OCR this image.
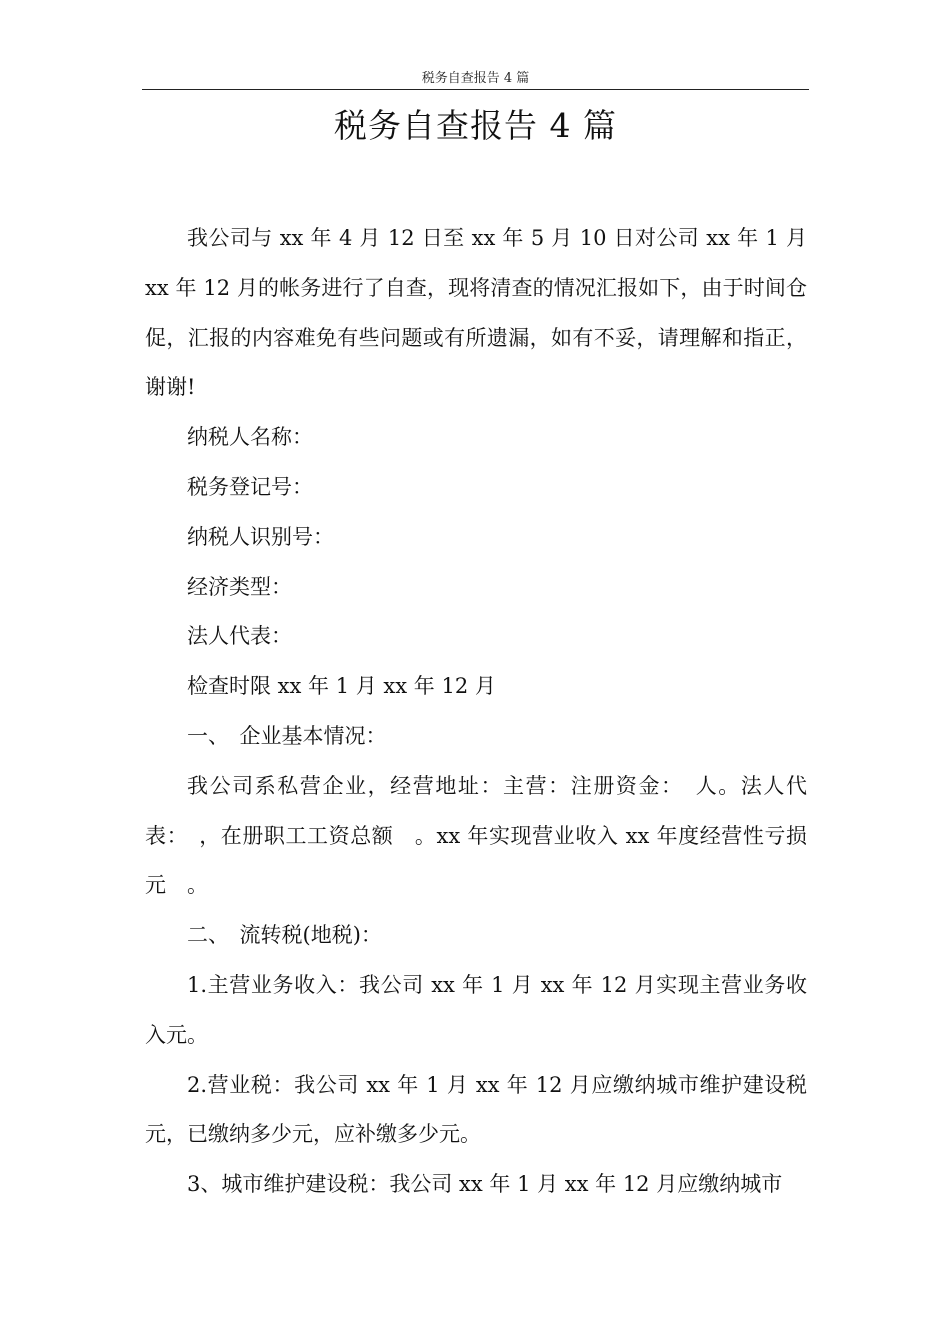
税务自查报告 4 篇
税务自查报告 4 篇

我公司与 xx 年 4 月 12 日至 xx 年 5 月 10 日对公司 xx 年 1 月 xx 年 12 月的帐务进行了自查，现将清查的情况汇报如下，由于时间仓促，汇报的内容难免有些问题或有所遗漏，如有不妥，请理解和指正，谢谢!

纳税人名称：

税务登记号：

纳税人识别号：

经济类型：

法人代表：

检查时限 xx 年 1 月 xx 年 12 月

一、　企业基本情况：

我公司系私营企业，经营地址：主营：注册资金：　人。法人代表：　，在册职工工资总额　。xx 年实现营业收入 xx 年度经营性亏损元　。

二、　流转税(地税)：

1.主营业务收入：我公司 xx 年 1 月 xx 年 12 月实现主营业务收入元。

2.营业税：我公司 xx 年 1 月 xx 年 12 月应缴纳城市维护建设税元，已缴纳多少元，应补缴多少元。

3、城市维护建设税：我公司 xx 年 1 月 xx 年 12 月应缴纳城市
